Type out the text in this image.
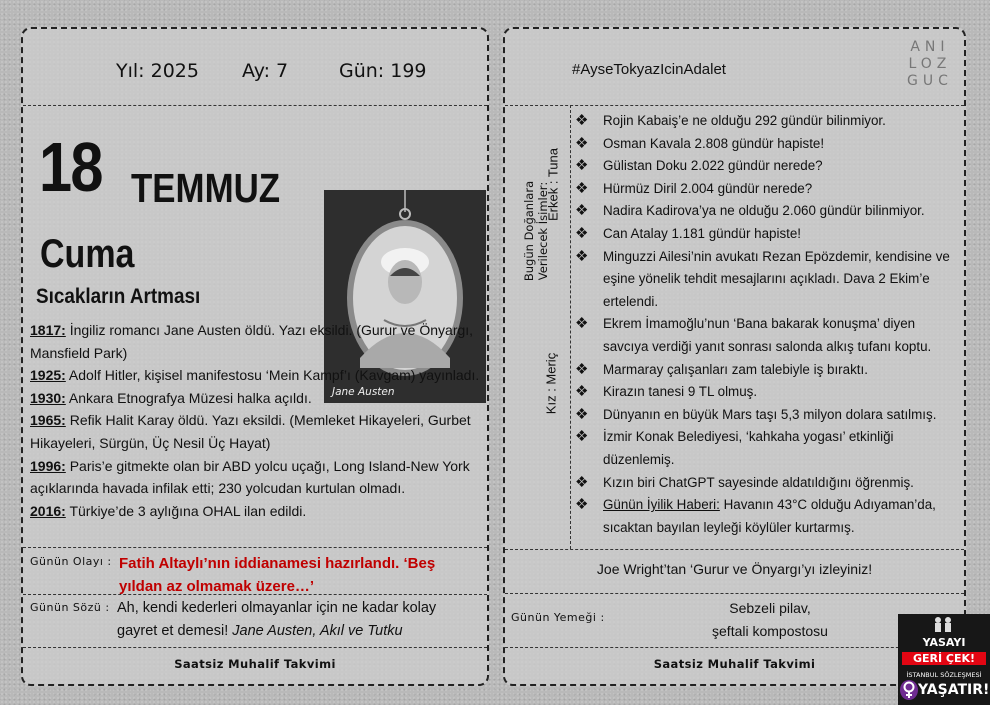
Yıl: 2025 Ay: 7	Gün: 199
18 TEMMUZ
Cuma
Sıcakların Artması
Jane Austen
1817: İngiliz romancı Jane Austen öldü. Yazı eksildi. (Gurur ve Önyargı, Mansfield Park)
1925: Adolf Hitler, kişisel manifestosu ‘Mein Kampf’ı (Kavgam) yayınladı.
1930: Ankara Etnografya Müzesi halka açıldı.
1965: Refik Halit Karay öldü. Yazı eksildi. (Memleket Hikayeleri, Gurbet Hikayeleri, Sürgün, Üç Nesil Üç Hayat)
1996: Paris’e gitmekte olan bir ABD yolcu uçağı, Long Island-New York açıklarında havada infilak etti; 230 yolcudan kurtulan olmadı.
2016: Türkiye’de 3 aylığına OHAL ilan edildi.
Günün Olayı : Fatih Altaylı’nın iddianamesi hazırlandı. ‘Beş yıldan az olmamak üzere…’
Günün Sözü : Ah, kendi kederleri olmayanlar için ne kadar kolay gayret et demesi! Jane Austen, Akıl ve Tutku
Saatsiz Muhalif Takvimi
#AyseTokyazIcinAdalet
ANI
LOZ
GUC
Bugün Doğanlara Verilecek İsimler:
Erkek : Tuna
Kız : Meriç
❖ Rojin Kabaiş’e ne olduğu 292 gündür bilinmiyor.
❖ Osman Kavala 2.808 gündür hapiste!
❖ Gülistan Doku 2.022 gündür nerede?
❖ Hürmüz Diril 2.004 gündür nerede?
❖ Nadira Kadirova’ya ne olduğu 2.060 gündür bilinmiyor.
❖ Can Atalay 1.181 gündür hapiste!
❖ Minguzzi Ailesi’nin avukatı Rezan Epözdemir, kendisine ve eşine yönelik tehdit mesajlarını açıkladı. Dava 2 Ekim’e ertelendi.
❖ Ekrem İmamoğlu’nun ‘Bana bakarak konuşma’ diyen savcıya verdiği yanıt sonrası salonda alkış tufanı koptu.
❖ Marmaray çalışanları zam talebiyle iş bıraktı.
❖ Kirazın tanesi 9 TL olmuş.
❖ Dünyanın en büyük Mars taşı 5,3 milyon dolara satılmış.
❖ İzmir Konak Belediyesi, ‘kahkaha yogası’ etkinliği düzenlemiş.
❖ Kızın biri ChatGPT sayesinde aldatıldığını öğrenmiş.
❖ Günün İyilik Haberi: Havanın 43°C olduğu Adıyaman’da, sıcaktan bayılan leyleği köylüler kurtarmış.
Joe Wright’tan ‘Gurur ve Önyargı’yı izleyiniz!
Günün Yemeği :
Sebzeli pilav,
şeftali kompostosu
Saatsiz Muhalif Takvimi
YASAYI
GERİ ÇEK!
İSTANBUL SÖZLEŞMESİ
YAŞATIR!
